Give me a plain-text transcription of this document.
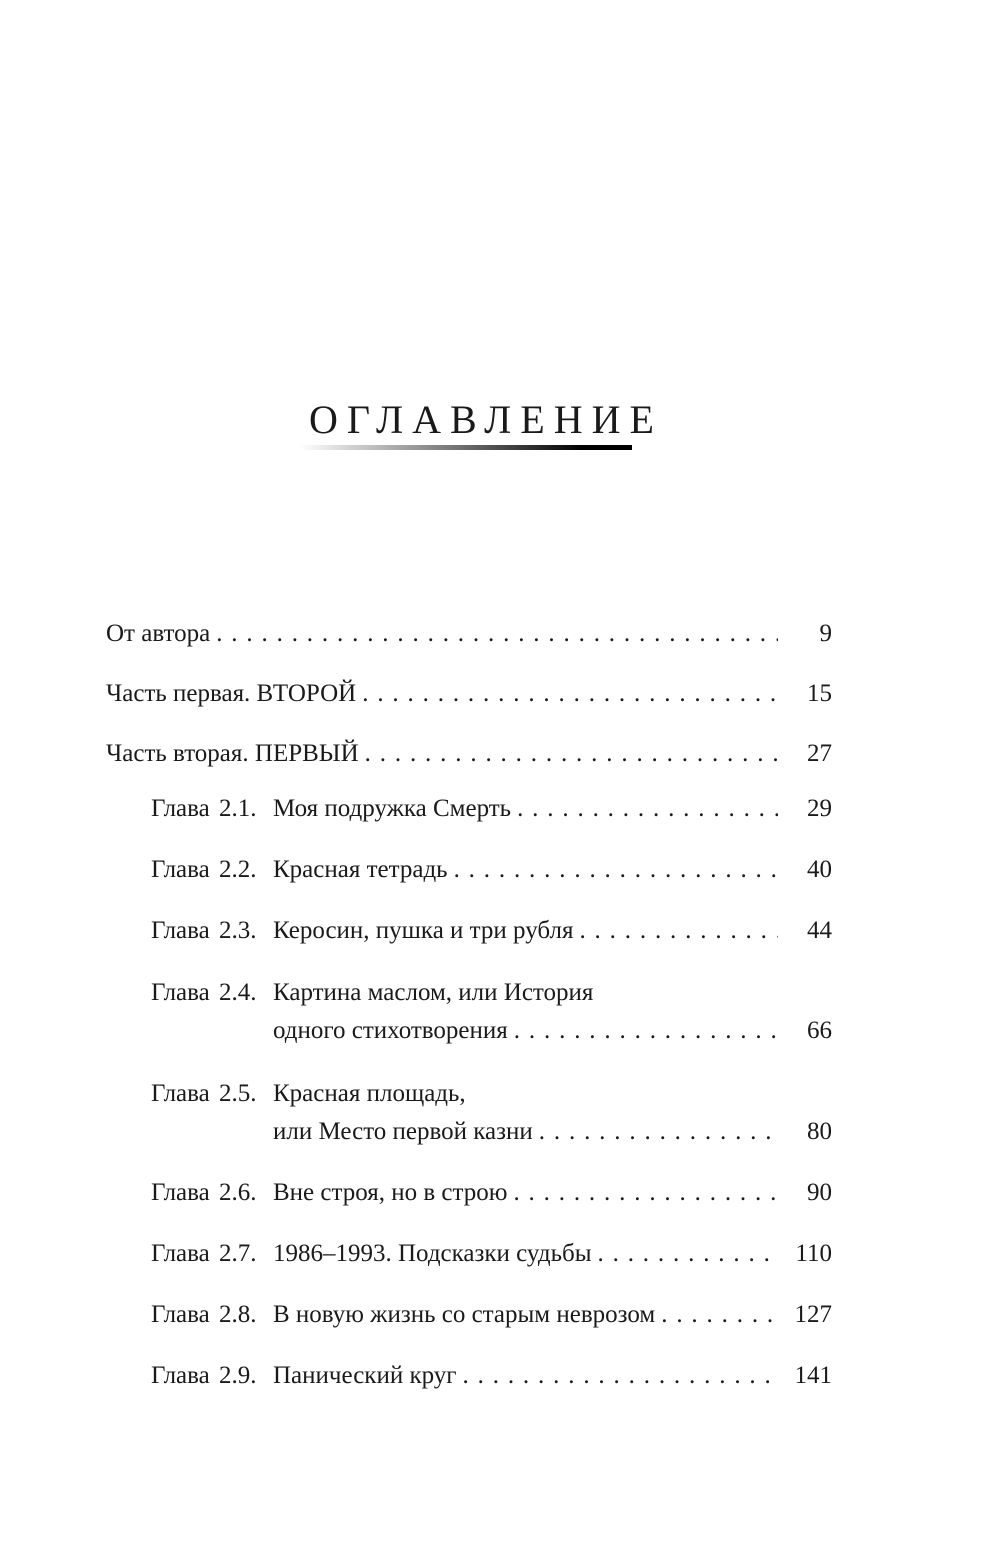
ОГЛАВЛЕНИЕ
От автора . . .	9
Часть первая. ВТОРОЙ . . .	15
Часть вторая. ПЕРВЫЙ . . .	27
Глава 2.1. Моя подружка Смерть . . .	29
Глава 2.2. Красная тетрадь . . .	40
Глава 2.3. Керосин, пушка и три рубля . . .	44
Глава 2.4. Картина маслом, или История
одного стихотворения . . .	66
Глава 2.5. Красная площадь,
или Место первой казни . . .	80
Глава 2.6. Вне строя, но в строю . . .	90
Глава 2.7. 1986–1993. Подсказки судьбы . . .	110
Глава 2.8. В новую жизнь со старым неврозом . . .	127
Глава 2.9. Панический круг . . .	141
